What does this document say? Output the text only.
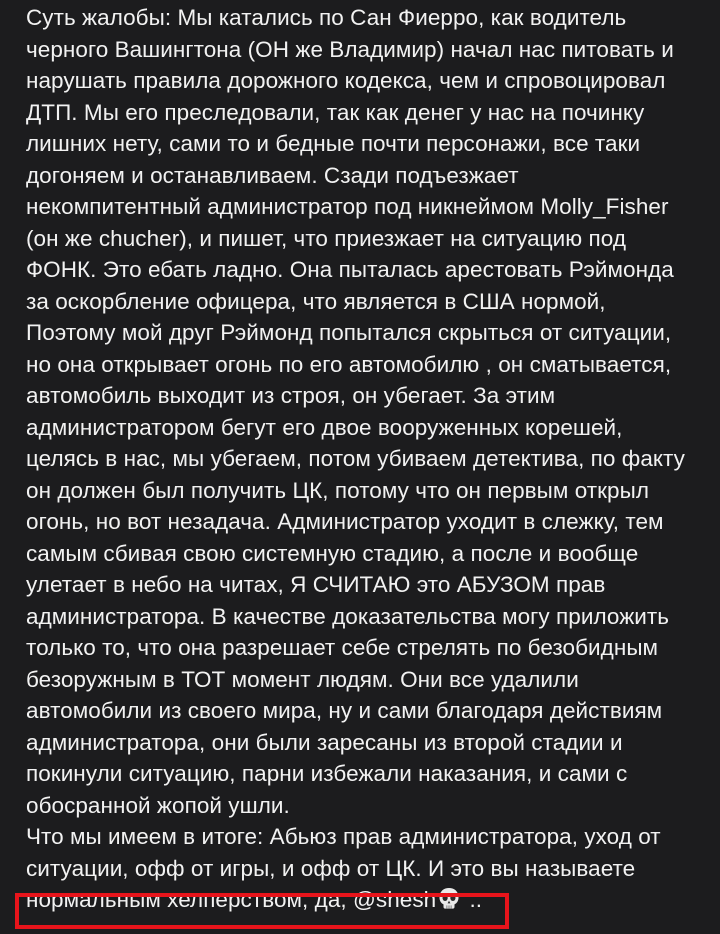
Суть жалобы: Мы катались по Сан Фиерро, как водитель
черного Вашингтона (ОН же Владимир) начал нас питовать и
нарушать правила дорожного кодекса, чем и спровоцировал
ДТП. Мы его преследовали, так как денег у нас на починку
лишних нету, сами то и бедные почти персонажи, все таки
догоняем и останавливаем. Сзади подъезжает
некомпитентный администратор под никнеймом Molly_Fisher
(он же chucher), и пишет, что приезжает на ситуацию под
ФОНК. Это ебать ладно. Она пыталась арестовать Рэймонда
за оскорбление офицера, что является в США нормой,
Поэтому мой друг Рэймонд попытался скрыться от ситуации,
но она открывает огонь по его автомобилю , он сматывается,
автомобиль выходит из строя, он убегает. За этим
администратором бегут его двое вооруженных корешей,
целясь в нас, мы убегаем, потом убиваем детектива, по факту
он должен был получить ЦК, потому что он первым открыл
огонь, но вот незадача. Администратор уходит в слежку, тем
самым сбивая свою системную стадию, а после и вообще
улетает в небо на читах, Я СЧИТАЮ это АБУЗОМ прав
администратора. В качестве доказательства могу приложить
только то, что она разрешает себе стрелять по безобидным
безоружным в ТОТ момент людям. Они все удалили
автомобили из своего мира, ну и сами благодаря действиям
администратора, они были зaресаны из второй стадии и
покинули ситуацию, парни избежали наказания, и сами с
обосранной жопой ушли.
Что мы имеем в итоге: Абьюз прав администратора, уход от
ситуации, офф от игры, и офф от ЦК. И это вы называете
нормальным хелперством, да, @shesh ..
